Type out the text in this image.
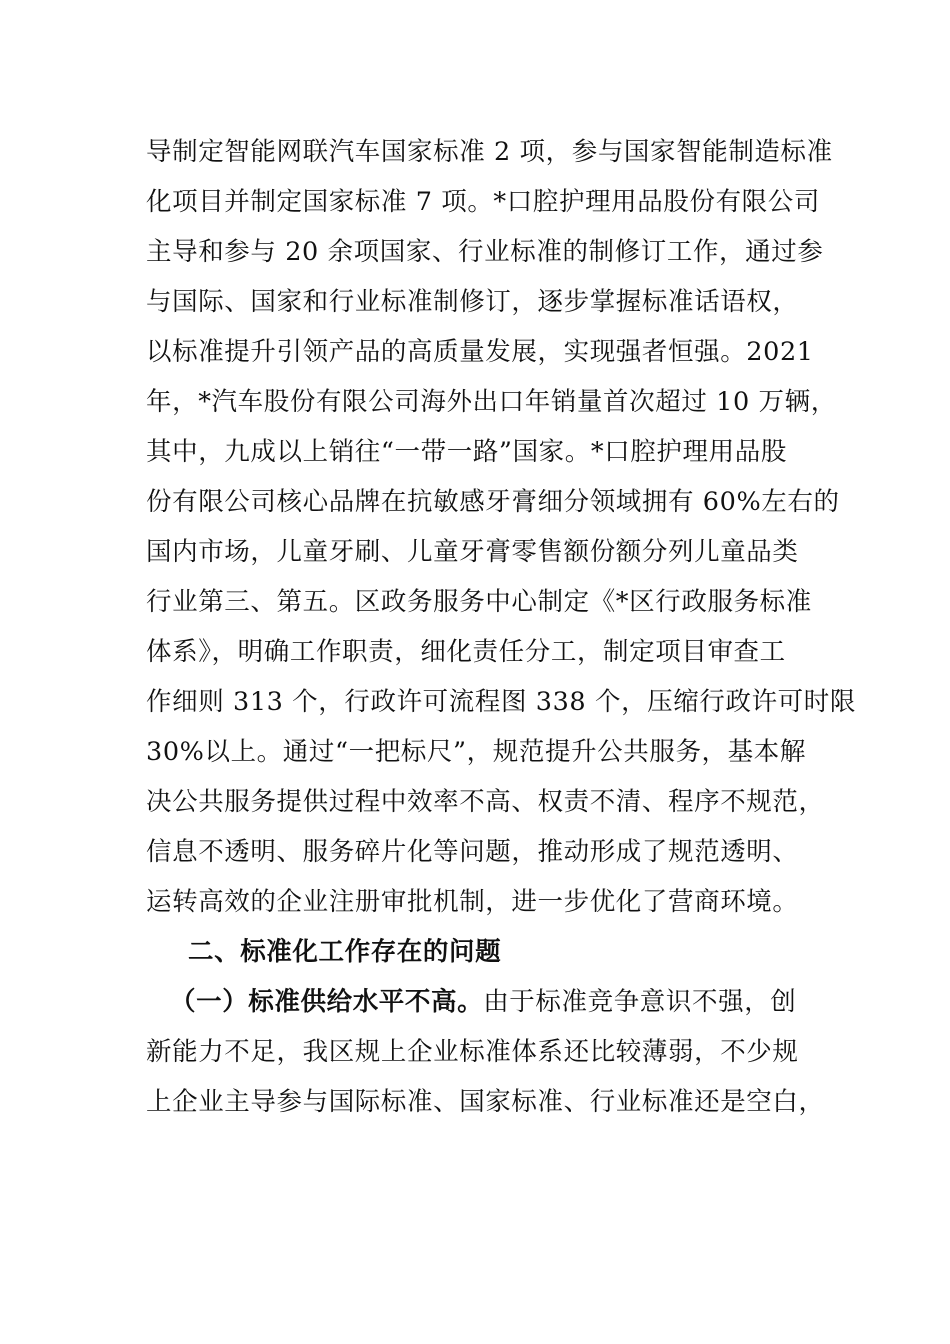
导制定智能网联汽车国家标准 2 项，参与国家智能制造标准
化项目并制定国家标准 7 项。*口腔护理用品股份有限公司
主导和参与 20 余项国家、行业标准的制修订工作，通过参
与国际、国家和行业标准制修订，逐步掌握标准话语权，
以标准提升引领产品的高质量发展，实现强者恒强。2021
年，*汽车股份有限公司海外出口年销量首次超过 10 万辆，
其中，九成以上销往“一带一路”国家。*口腔护理用品股
份有限公司核心品牌在抗敏感牙膏细分领域拥有 60%左右的
国内市场，儿童牙刷、儿童牙膏零售额份额分列儿童品类
行业第三、第五。区政务服务中心制定《*区行政服务标准
体系》，明确工作职责，细化责任分工，制定项目审查工
作细则 313 个，行政许可流程图 338 个，压缩行政许可时限
30%以上。通过“一把标尺”，规范提升公共服务，基本解
决公共服务提供过程中效率不高、权责不清、程序不规范，
信息不透明、服务碎片化等问题，推动形成了规范透明、
运转高效的企业注册审批机制，进一步优化了营商环境。
二、标准化工作存在的问题
（一）标准供给水平不高。由于标准竞争意识不强，创
新能力不足，我区规上企业标准体系还比较薄弱，不少规
上企业主导参与国际标准、国家标准、行业标准还是空白，
